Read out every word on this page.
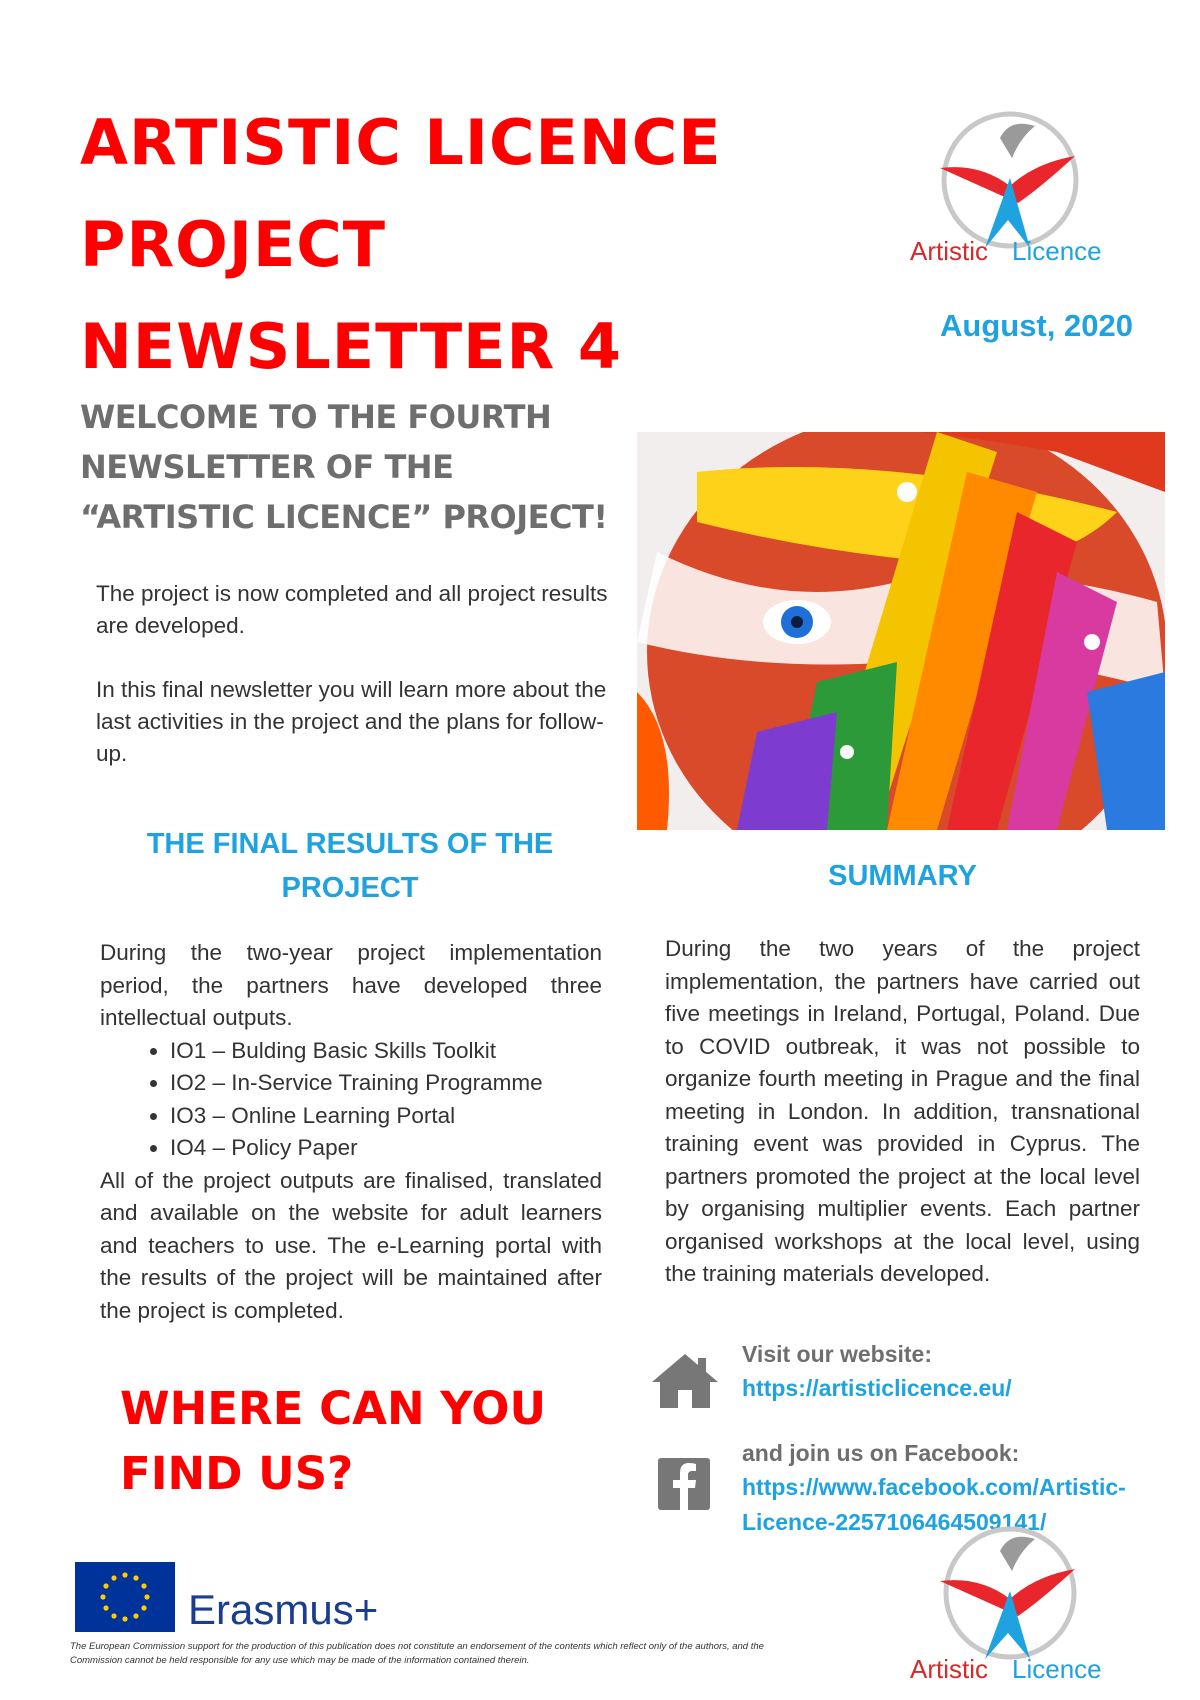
ARTISTIC LICENCE
PROJECT
NEWSLETTER 4
Artistic Licence
August, 2020
WELCOME TO THE FOURTH
NEWSLETTER OF THE
“ARTISTIC LICENCE” PROJECT!

The project is now completed and all project results are developed.

In this final newsletter you will learn more about the last activities in the project and the plans for follow-up.

THE FINAL RESULTS OF THE
PROJECT	SUMMARY

During the two-year project implementation period, the partners have developed three intellectual outputs.

• IO1 – Bulding Basic Skills Toolkit
• IO2 – In-Service Training Programme
• IO3 – Online Learning Portal
• IO4 – Policy Paper

All of the project outputs are finalised, translated and available on the website for adult learners and teachers to use. The e-Learning portal with the results of the project will be maintained after the project is completed.

During the two years of the project implementation, the partners have carried out five meetings in Ireland, Portugal, Poland. Due to COVID outbreak, it was not possible to organize fourth meeting in Prague and the final meeting in London. In addition, transnational training event was provided in Cyprus. The partners promoted the project at the local level by organising multiplier events. Each partner organised workshops at the local level, using the training materials developed.
WHERE CAN YOU
FIND US?
Visit our website:
https://artisticlicence.eu/
and join us on Facebook:
https://www.facebook.com/Artistic-
Licence-2257106464509141/
Erasmus+
The European Commission support for the production of this publication does not constitute an endorsement of the contents which reflect only of the authors, and the Commission cannot be held responsible for any use which may be made of the information contained therein.	Artistic Licence
